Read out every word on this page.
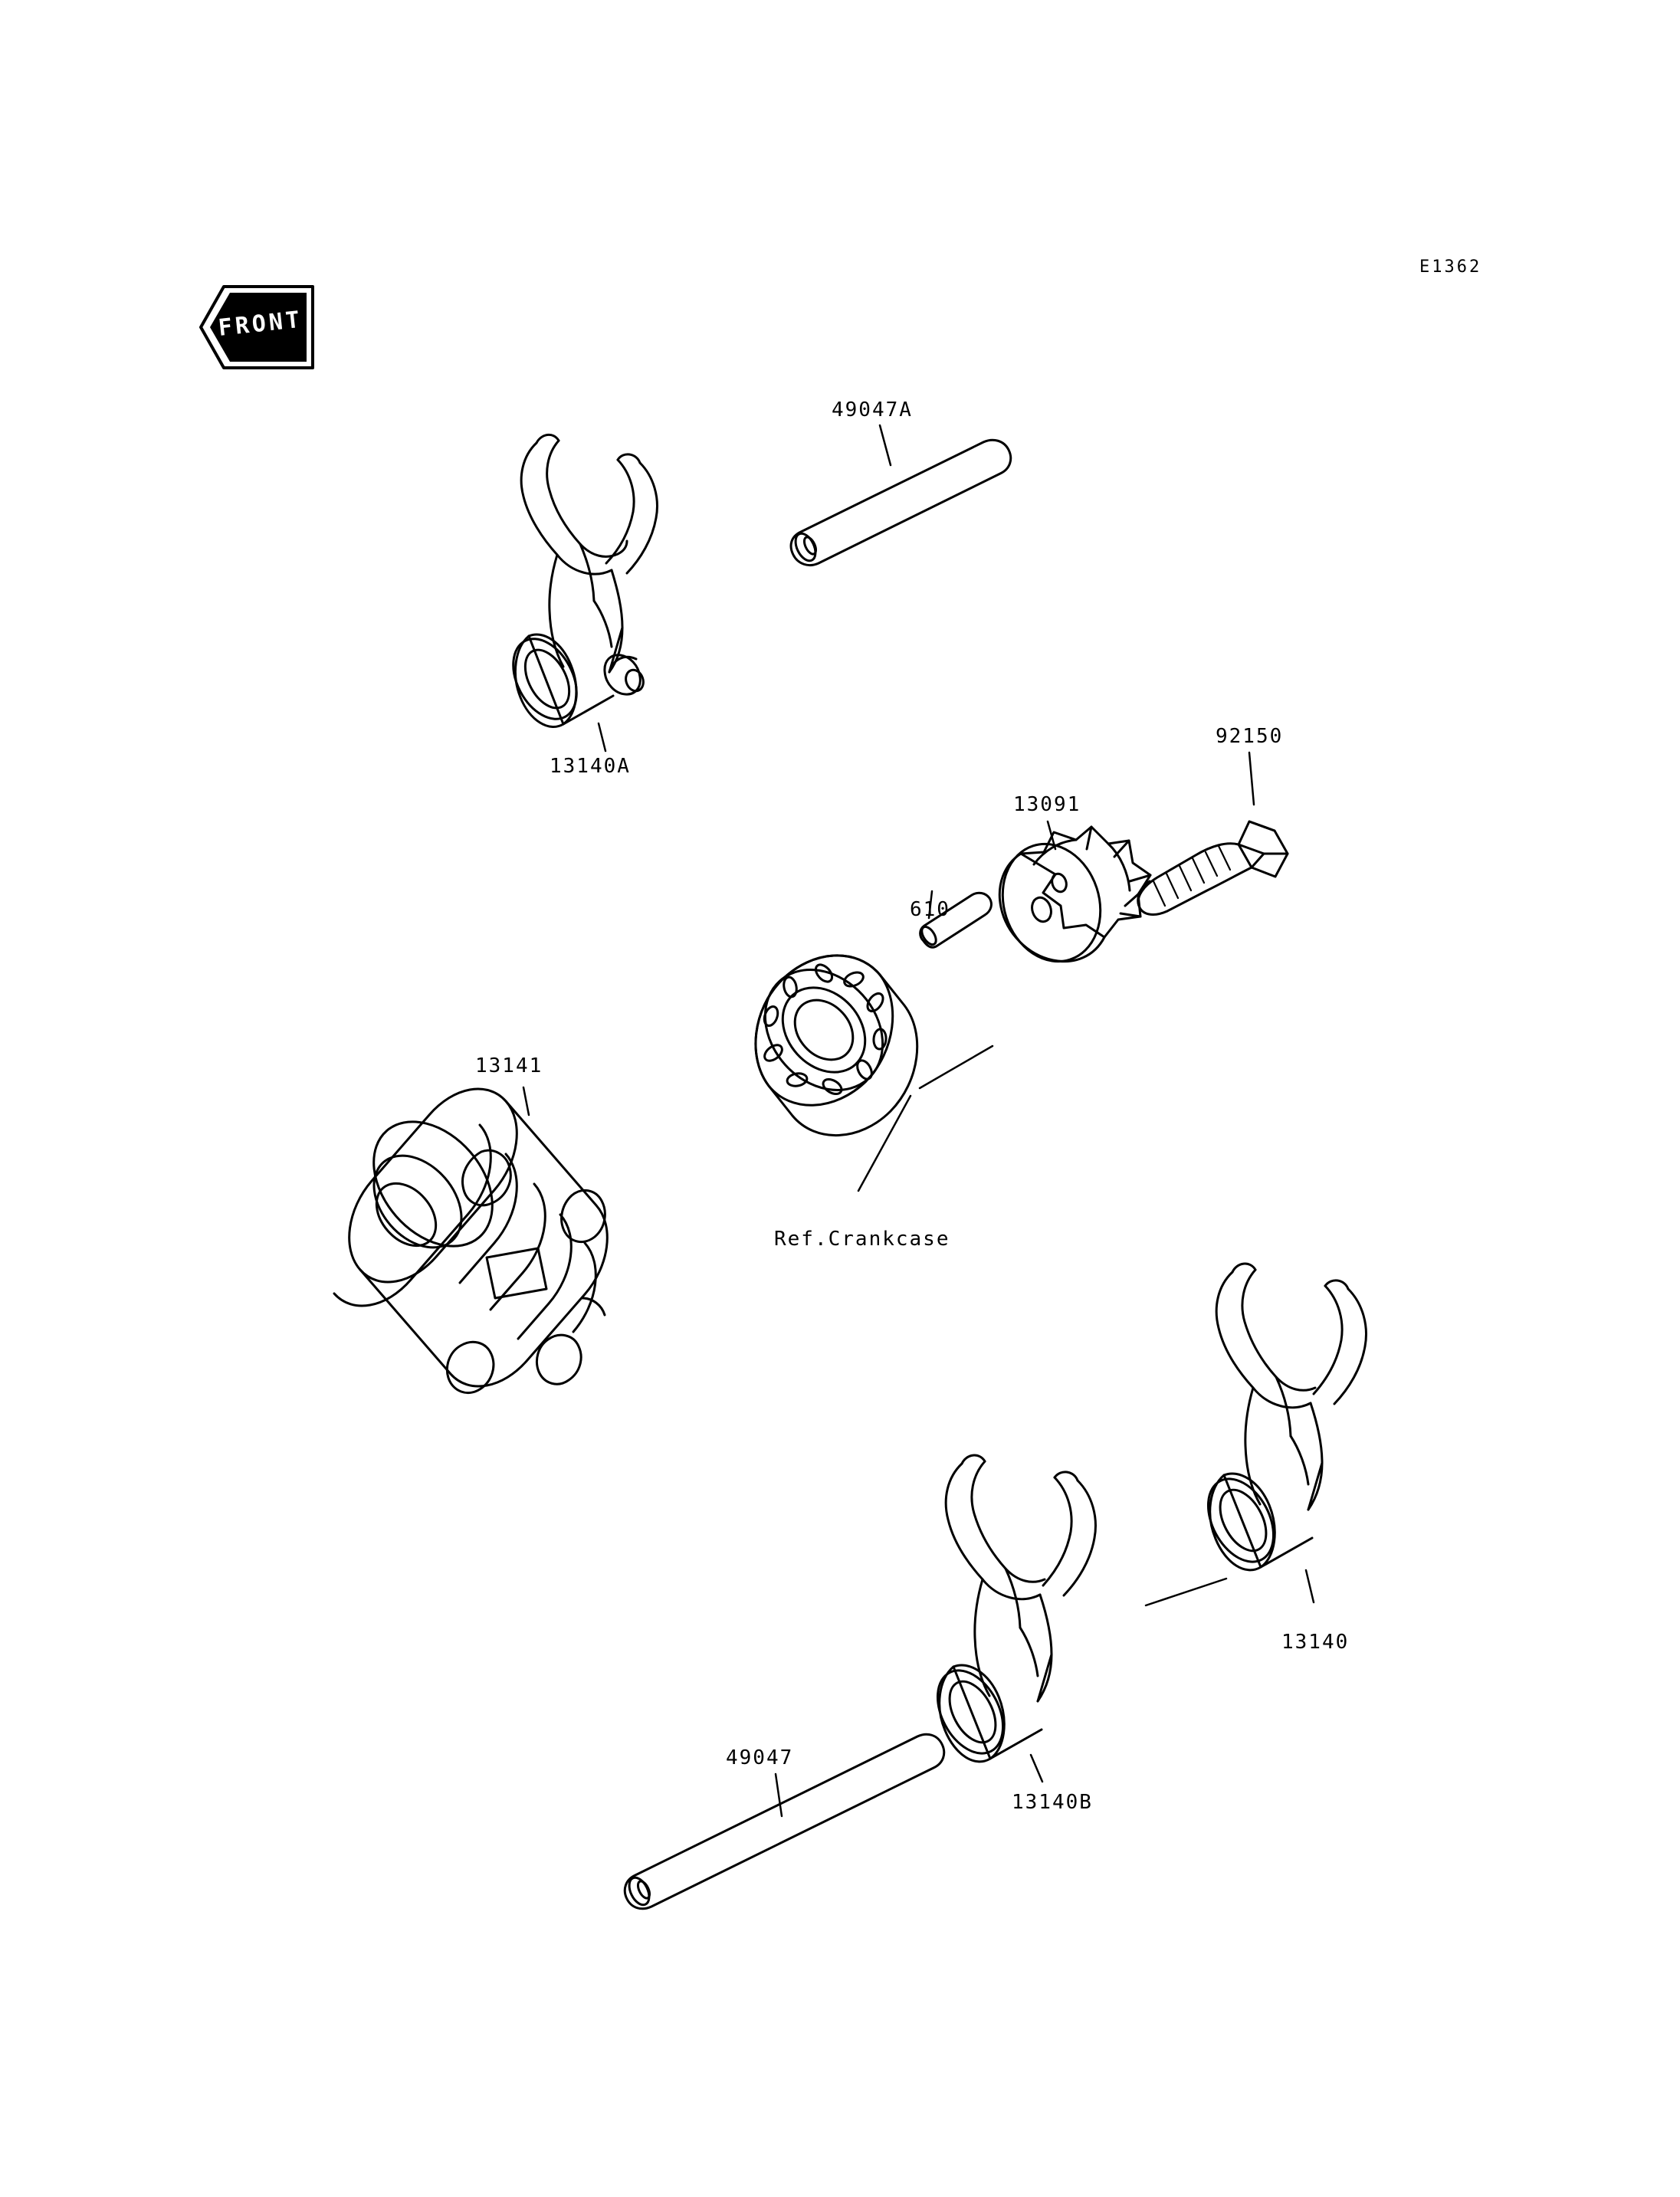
FRONT
E1362
49047A
13140A
92150
13091
610
13141
Ref.Crankcase
13140
13140B
49047
